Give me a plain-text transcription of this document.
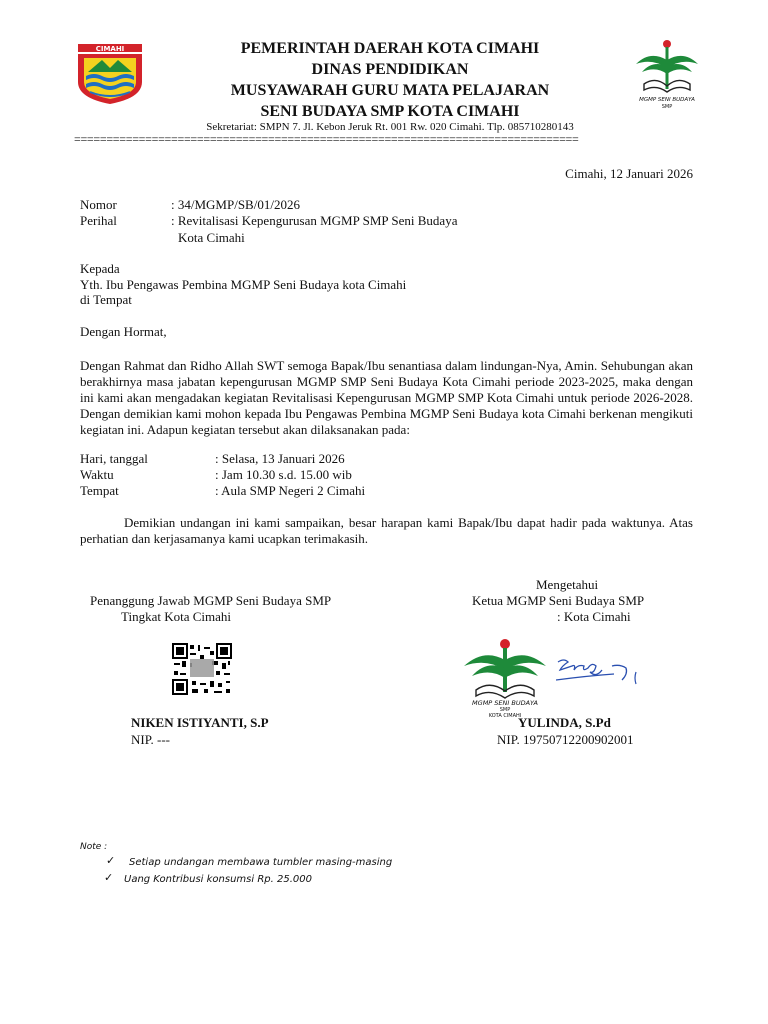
CIMAHI	PEMERINTAH DAERAH KOTA CIMAHI
DINAS PENDIDIKAN
MUSYAWARAH GURU MATA PELAJARAN
SENI BUDAYA SMP KOTA CIMAHI
Sekretariat: SMPN 7. Jl. Kebon Jeruk Rt. 001 Rw. 020 Cimahi. Tlp. 085710280143
==============================================================================
MGMP SENI BUDAYA
SMP
Cimahi, 12 Januari 2026
Nomor	: 34/MGMP/SB/01/2026
Perihal	: Revitalisasi Kepengurusan MGMP SMP Seni Budaya
Kota Cimahi
Kepada
Yth. Ibu Pengawas Pembina MGMP Seni Budaya kota Cimahi
di Tempat
Dengan Hormat,
Dengan Rahmat dan Ridho Allah SWT semoga Bapak/Ibu senantiasa dalam lindungan-Nya, Amin. Sehubungan akan berakhirnya masa jabatan kepengurusan MGMP SMP Seni Budaya Kota Cimahi periode 2023-2025, maka dengan ini kami akan mengadakan kegiatan Revitalisasi Kepengurusan MGMP SMP Kota Cimahi untuk periode 2026-2028. Dengan demikian kami mohon kepada Ibu Pengawas Pembina MGMP Seni Budaya kota Cimahi berkenan mengikuti kegiatan ini. Adapun kegiatan tersebut akan dilaksanakan pada:
Hari, tanggal	: Selasa, 13 Januari 2026
Waktu	: Jam 10.30 s.d. 15.00 wib
Tempat	: Aula SMP Negeri 2 Cimahi
Demikian undangan ini kami sampaikan, besar harapan kami Bapak/Ibu dapat hadir pada waktunya. Atas perhatian dan kerjasamanya kami ucapkan terimakasih.
Penanggung Jawab MGMP Seni Budaya SMP
Tingkat Kota Cimahi
Mengetahui
Ketua MGMP Seni Budaya SMP
: Kota Cimahi
MGMP SENI BUDAYA
SMP
KOTA CIMAHI
NIKEN ISTIYANTI, S.P
NIP. ---
YULINDA, S.Pd
NIP. 19750712200902001
Note :
✓ Setiap undangan membawa tumbler masing-masing
✓ Uang Kontribusi konsumsi Rp. 25.000
